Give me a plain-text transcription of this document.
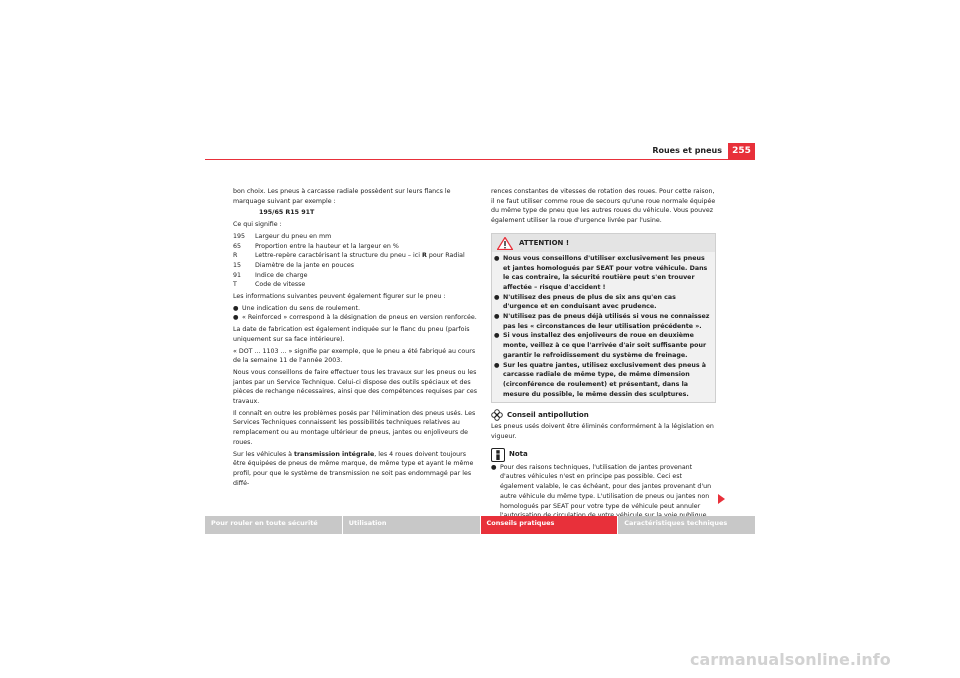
Roues et pneus	255

bon choix. Les pneus à carcasse radiale possèdent sur leurs flancs le marquage suivant par exemple :

195/65 R15 91T

Ce qui signifie :

195	Largeur du pneu en mm
65	Proportion entre la hauteur et la largeur en %
R	Lettre-repère caractérisant la structure du pneu – ici R pour Radial
15	Diamètre de la jante en pouces
91	Indice de charge
T	Code de vitesse

Les informations suivantes peuvent également figurer sur le pneu :

● Une indication du sens de roulement.
● « Reinforced » correspond à la désignation de pneus en version renforcée.

La date de fabrication est également indiquée sur le flanc du pneu (parfois uniquement sur sa face intérieure).

« DOT ... 1103 ... » signifie par exemple, que le pneu a été fabriqué au cours de la semaine 11 de l'année 2003.

Nous vous conseillons de faire effectuer tous les travaux sur les pneus ou les jantes par un Service Technique. Celui-ci dispose des outils spéciaux et des pièces de rechange nécessaires, ainsi que des compétences requises par ces travaux.

Il connaît en outre les problèmes posés par l'élimination des pneus usés. Les Services Techniques connaissent les possibilités techniques relatives au remplacement ou au montage ultérieur de pneus, jantes ou enjoliveurs de roues.

Sur les véhicules à transmission intégrale, les 4 roues doivent toujours être équipées de pneus de même marque, de même type et ayant le même profil, pour que le système de transmission ne soit pas endommagé par les diffé-

rences constantes de vitesses de rotation des roues. Pour cette raison, il ne faut utiliser comme roue de secours qu'une roue normale équipée du même type de pneu que les autres roues du véhicule. Vous pouvez également utiliser la roue d'urgence livrée par l'usine.

ATTENTION !
● Nous vous conseillons d'utiliser exclusivement les pneus et jantes homologués par SEAT pour votre véhicule. Dans le cas contraire, la sécurité routière peut s'en trouver affectée – risque d'accident !
● N'utilisez des pneus de plus de six ans qu'en cas d'urgence et en conduisant avec prudence.
● N'utilisez pas de pneus déjà utilisés si vous ne connaissez pas les « circonstances de leur utilisation précédente ».
● Si vous installez des enjoliveurs de roue en deuxième monte, veillez à ce que l'arrivée d'air soit suffisante pour garantir le refroidissement du système de freinage.
● Sur les quatre jantes, utilisez exclusivement des pneus à carcasse radiale de même type, de même dimension (circonférence de roulement) et présentant, dans la mesure du possible, le même dessin des sculptures.
Conseil antipollution

Les pneus usés doivent être éliminés conformément à la législation en vigueur.

Nota
● Pour des raisons techniques, l'utilisation de jantes provenant d'autres véhicules n'est en principe pas possible. Ceci est également valable, le cas échéant, pour des jantes provenant d'un autre véhicule du même type. L'utilisation de pneus ou jantes non homologués par SEAT pour votre type de véhicule peut annuler
Pour rouler en toute sécurité	Utilisation	Conseils pratiques	Caractéristiques techniques
carmanualsonline.info
